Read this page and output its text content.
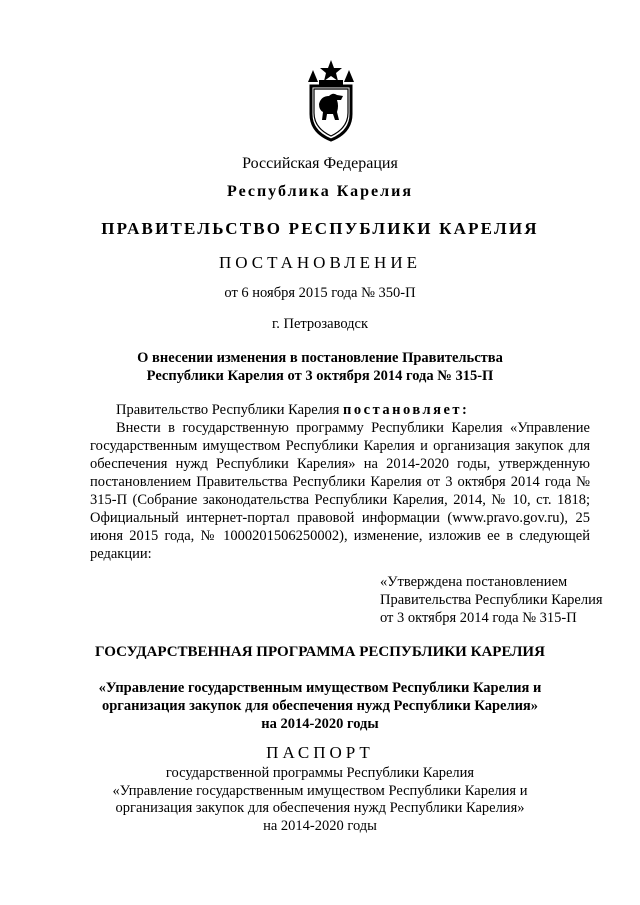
Российская Федерация
Республика Карелия
ПРАВИТЕЛЬСТВО РЕСПУБЛИКИ КАРЕЛИЯ
ПОСТАНОВЛЕНИЕ
от 6 ноября 2015 года № 350-П
г. Петрозаводск
О внесении изменения в постановление Правительства
Республики Карелия от 3 октября 2014 года № 315-П
Правительство Республики Карелия постановляет:
Внести в государственную программу Республики Карелия «Управление государственным имуществом Республики Карелия и организация закупок для обеспечения нужд Республики Карелия» на 2014-2020 годы, утвержденную постановлением Правительства Республики Карелия от 3 октября 2014 года № 315-П (Собрание законодательства Республики Карелия, 2014, № 10, ст. 1818; Официальный интернет-портал правовой информации (www.pravo.gov.ru), 25 июня 2015 года, № 1000201506250002), изменение, изложив ее в следующей редакции:
«Утверждена постановлением
Правительства Республики Карелия
от 3 октября 2014 года № 315-П
ГОСУДАРСТВЕННАЯ ПРОГРАММА РЕСПУБЛИКИ КАРЕЛИЯ
«Управление государственным имуществом Республики Карелия и
организация закупок для обеспечения нужд Республики Карелия»
на 2014-2020 годы
ПАСПОРТ
государственной программы Республики Карелия
«Управление государственным имуществом Республики Карелия и
организация закупок для обеспечения нужд Республики Карелия»
на 2014-2020 годы
